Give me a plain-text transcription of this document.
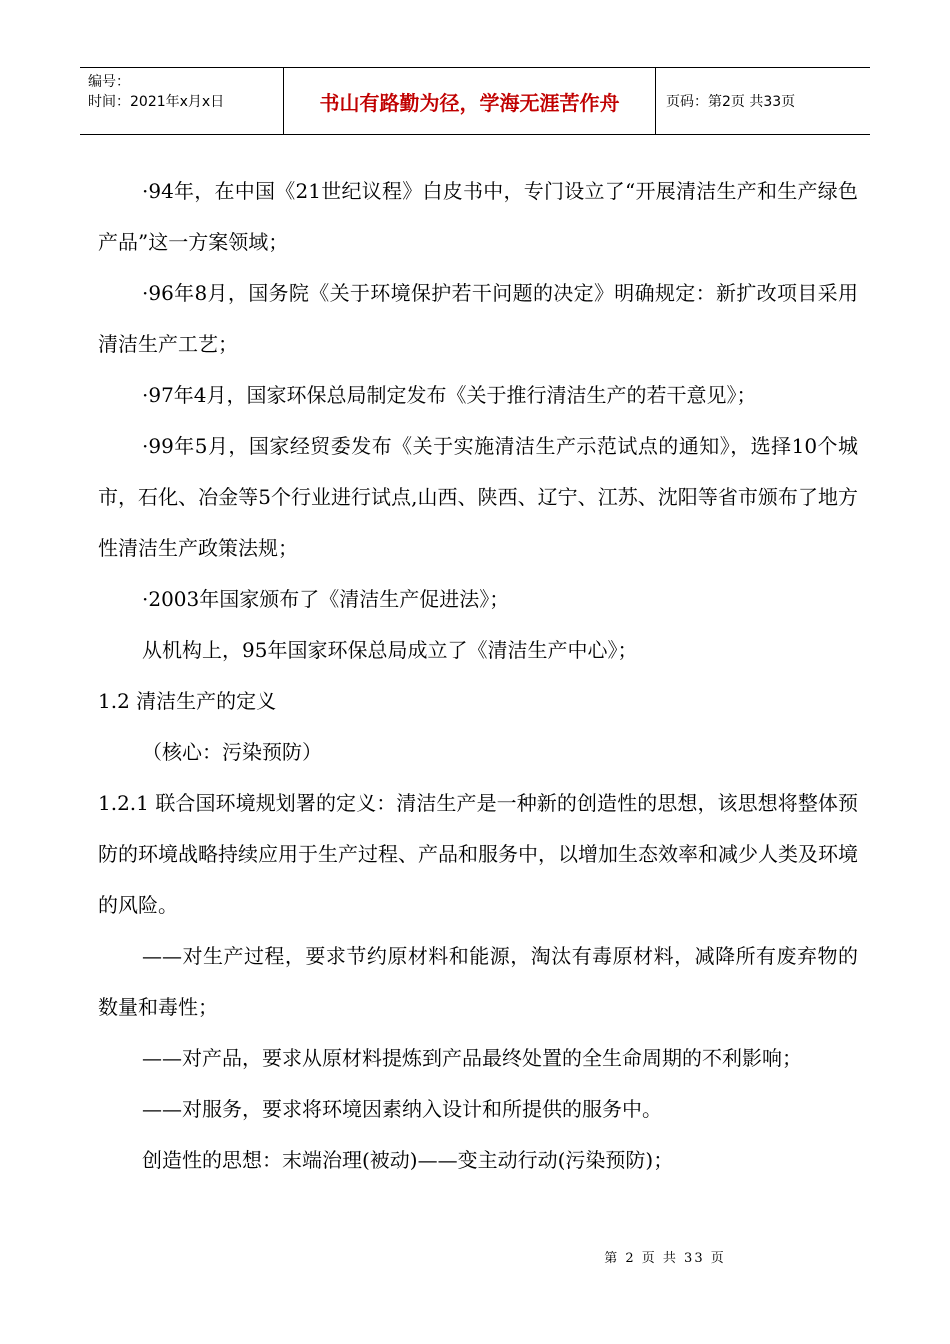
编号：
时间：2021年x月x日	书山有路勤为径，学海无涯苦作舟	页码：第2页 共33页

·94年，在中国《21世纪议程》白皮书中，专门设立了“开展清洁生产和生产绿色产品”这一方案领域；

·96年8月，国务院《关于环境保护若干问题的决定》明确规定：新扩改项目采用清洁生产工艺；

·97年4月，国家环保总局制定发布《关于推行清洁生产的若干意见》；

·99年5月，国家经贸委发布《关于实施清洁生产示范试点的通知》，选择10个城市，石化、冶金等5个行业进行试点,山西、陕西、辽宁、江苏、沈阳等省市颁布了地方性清洁生产政策法规；

·2003年国家颁布了《清洁生产促进法》；

从机构上，95年国家环保总局成立了《清洁生产中心》；

1.2 清洁生产的定义

（核心：污染预防）

1.2.1 联合国环境规划署的定义：清洁生产是一种新的创造性的思想，该思想将整体预防的环境战略持续应用于生产过程、产品和服务中，以增加生态效率和减少人类及环境的风险。

——对生产过程，要求节约原材料和能源，淘汰有毒原材料，减降所有废弃物的数量和毒性；

——对产品，要求从原材料提炼到产品最终处置的全生命周期的不利影响；

——对服务，要求将环境因素纳入设计和所提供的服务中。

创造性的思想：末端治理(被动)——变主动行动(污染预防)；

第 2 页 共 33 页
